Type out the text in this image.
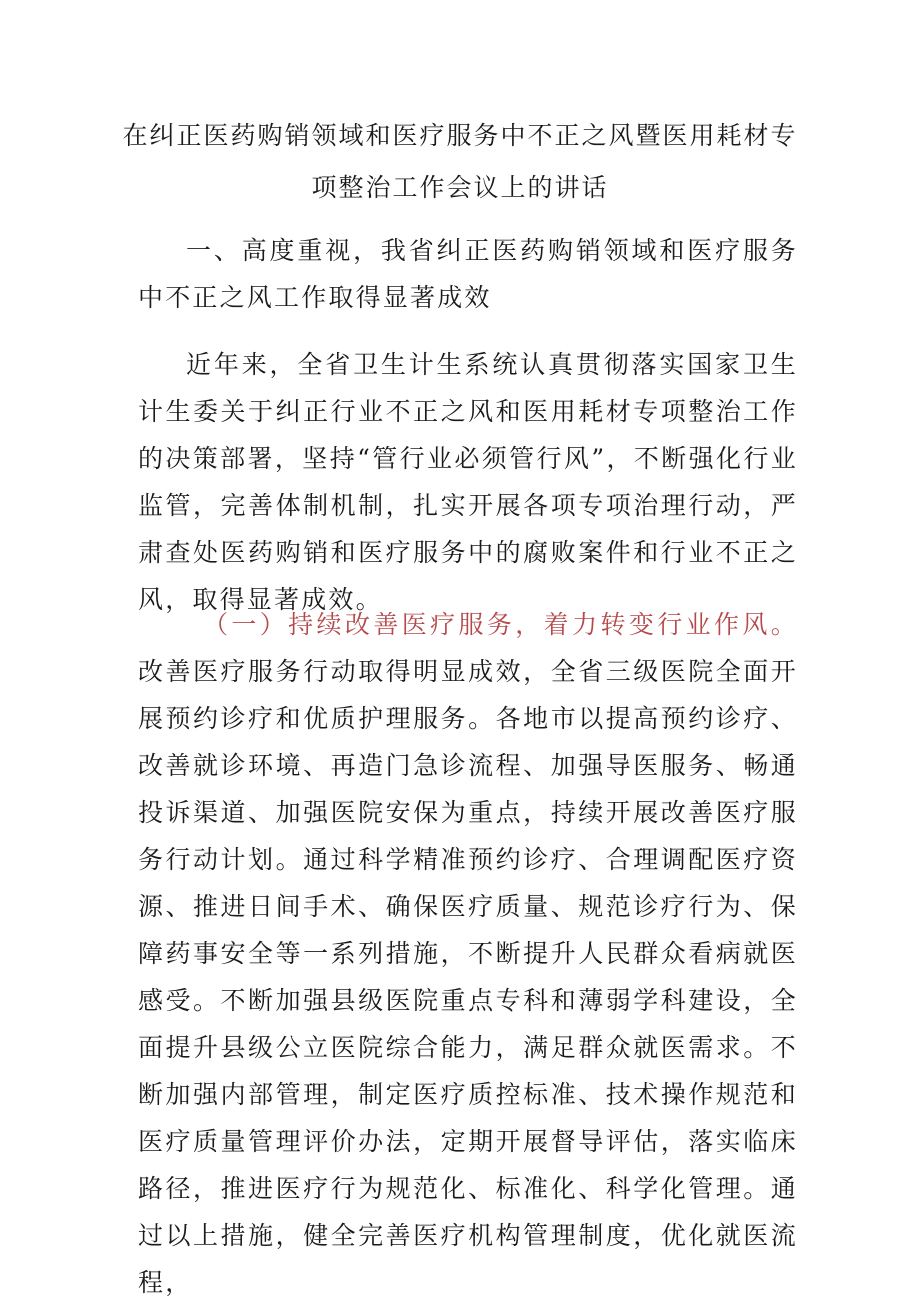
在纠正医药购销领域和医疗服务中不正之风暨医用耗材专
项整治工作会议上的讲话

一、高度重视，我省纠正医药购销领域和医疗服务中不正之风工作取得显著成效

近年来，全省卫生计生系统认真贯彻落实国家卫生计生委关于纠正行业不正之风和医用耗材专项整治工作的决策部署，坚持“管行业必须管行风”，不断强化行业监管，完善体制机制，扎实开展各项专项治理行动，严肃查处医药购销和医疗服务中的腐败案件和行业不正之风，取得显著成效。

（一）持续改善医疗服务，着力转变行业作风。改善医疗服务行动取得明显成效，全省三级医院全面开展预约诊疗和优质护理服务。各地市以提高预约诊疗、改善就诊环境、再造门急诊流程、加强导医服务、畅通投诉渠道、加强医院安保为重点，持续开展改善医疗服务行动计划。通过科学精准预约诊疗、合理调配医疗资源、推进日间手术、确保医疗质量、规范诊疗行为、保障药事安全等一系列措施，不断提升人民群众看病就医感受。不断加强县级医院重点专科和薄弱学科建设，全面提升县级公立医院综合能力，满足群众就医需求。不断加强内部管理，制定医疗质控标准、技术操作规范和医疗质量管理评价办法，定期开展督导评估，落实临床路径，推进医疗行为规范化、标准化、科学化管理。通过以上措施，健全完善医疗机构管理制度，优化就医流程，
